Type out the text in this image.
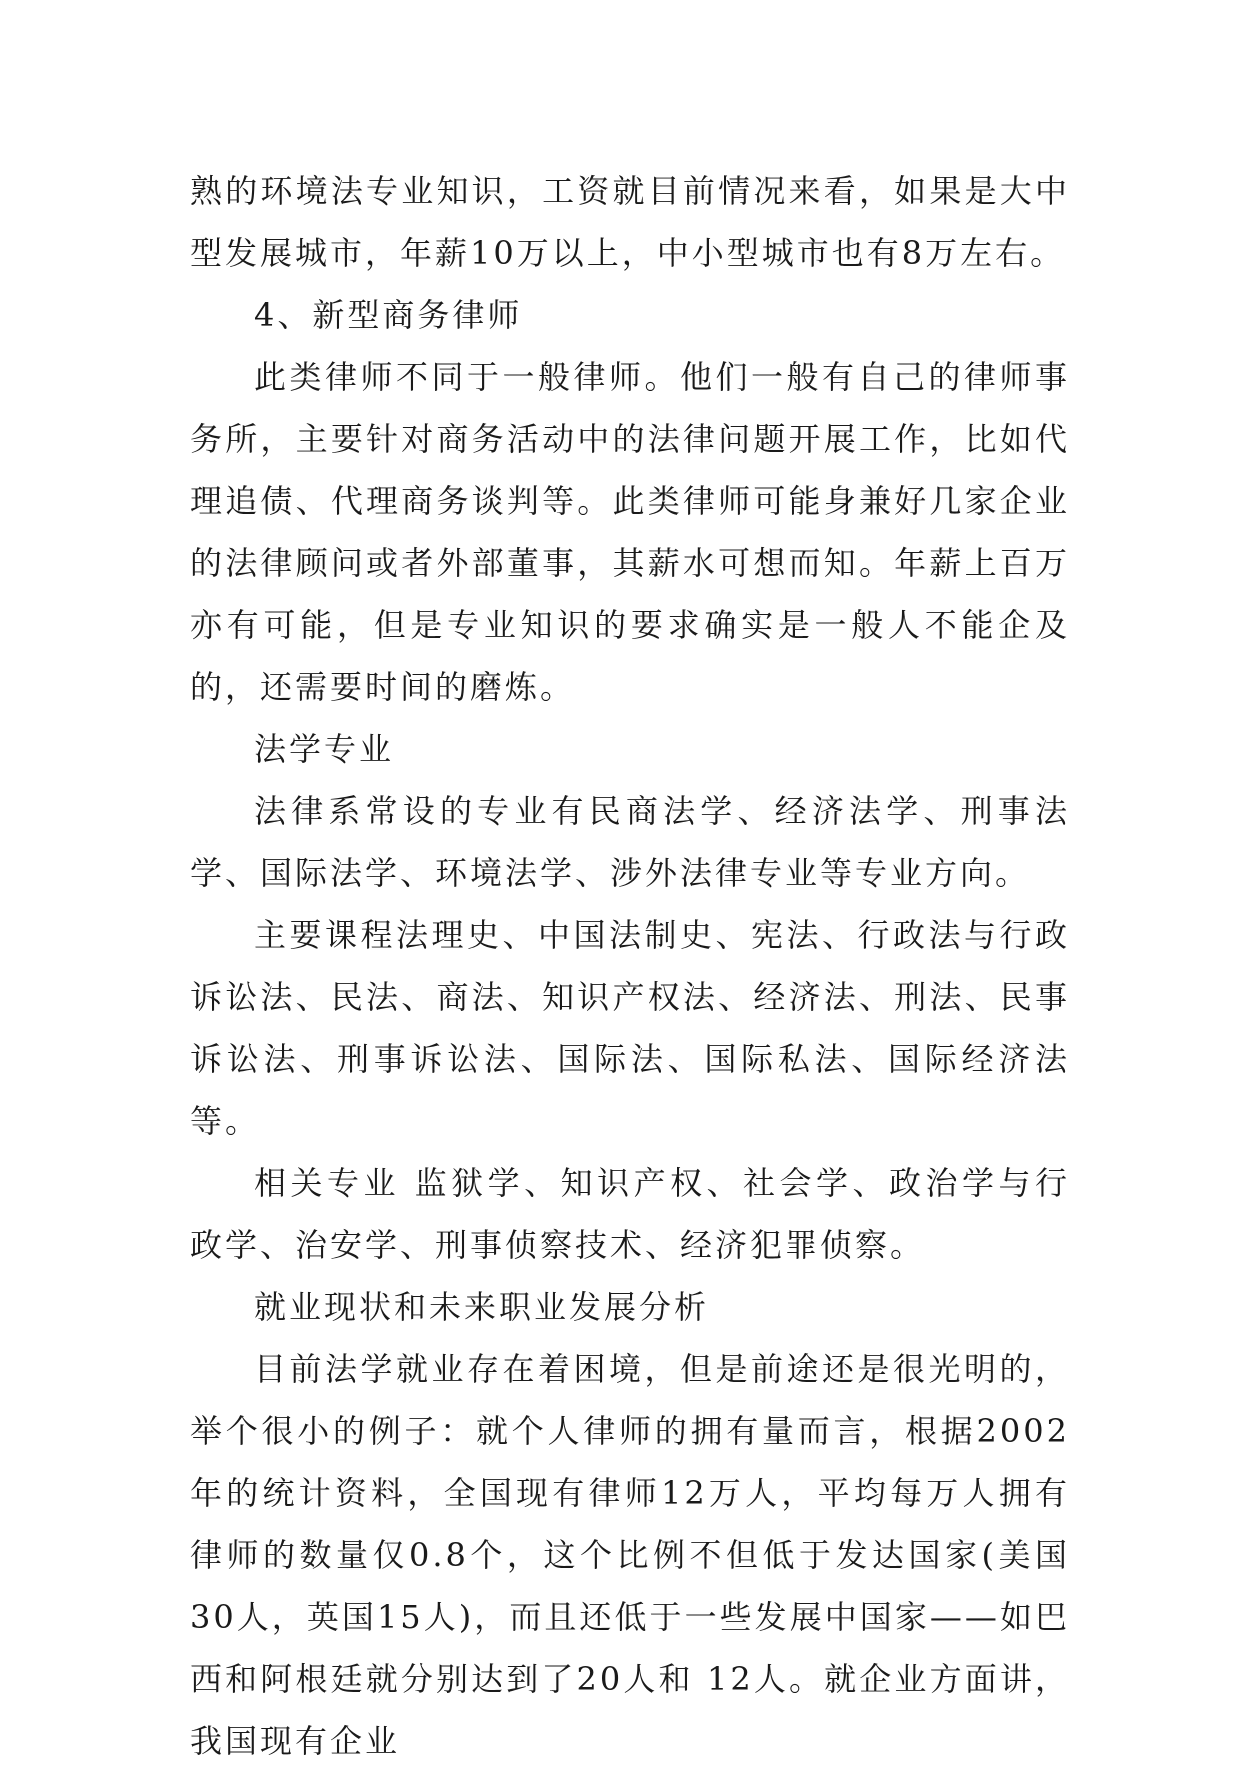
熟的环境法专业知识，工资就目前情况来看，如果是大中型发展城市，年薪10万以上，中小型城市也有8万左右。

4、新型商务律师

此类律师不同于一般律师。他们一般有自己的律师事务所，主要针对商务活动中的法律问题开展工作，比如代理追债、代理商务谈判等。此类律师可能身兼好几家企业的法律顾问或者外部董事，其薪水可想而知。年薪上百万亦有可能，但是专业知识的要求确实是一般人不能企及的，还需要时间的磨炼。

法学专业

法律系常设的专业有民商法学、经济法学、刑事法学、国际法学、环境法学、涉外法律专业等专业方向。

主要课程法理史、中国法制史、宪法、行政法与行政诉讼法、民法、商法、知识产权法、经济法、刑法、民事诉讼法、刑事诉讼法、国际法、国际私法、国际经济法等。

相关专业 监狱学、知识产权、社会学、政治学与行政学、治安学、刑事侦察技术、经济犯罪侦察。

就业现状和未来职业发展分析

目前法学就业存在着困境，但是前途还是很光明的，举个很小的例子：就个人律师的拥有量而言，根据2002年的统计资料，全国现有律师12万人，平均每万人拥有律师的数量仅0.8个，这个比例不但低于发达国家(美国30人，英国15人)，而且还低于一些发展中国家——如巴西和阿根廷就分别达到了20人和 12人。就企业方面讲，我国现有企业
